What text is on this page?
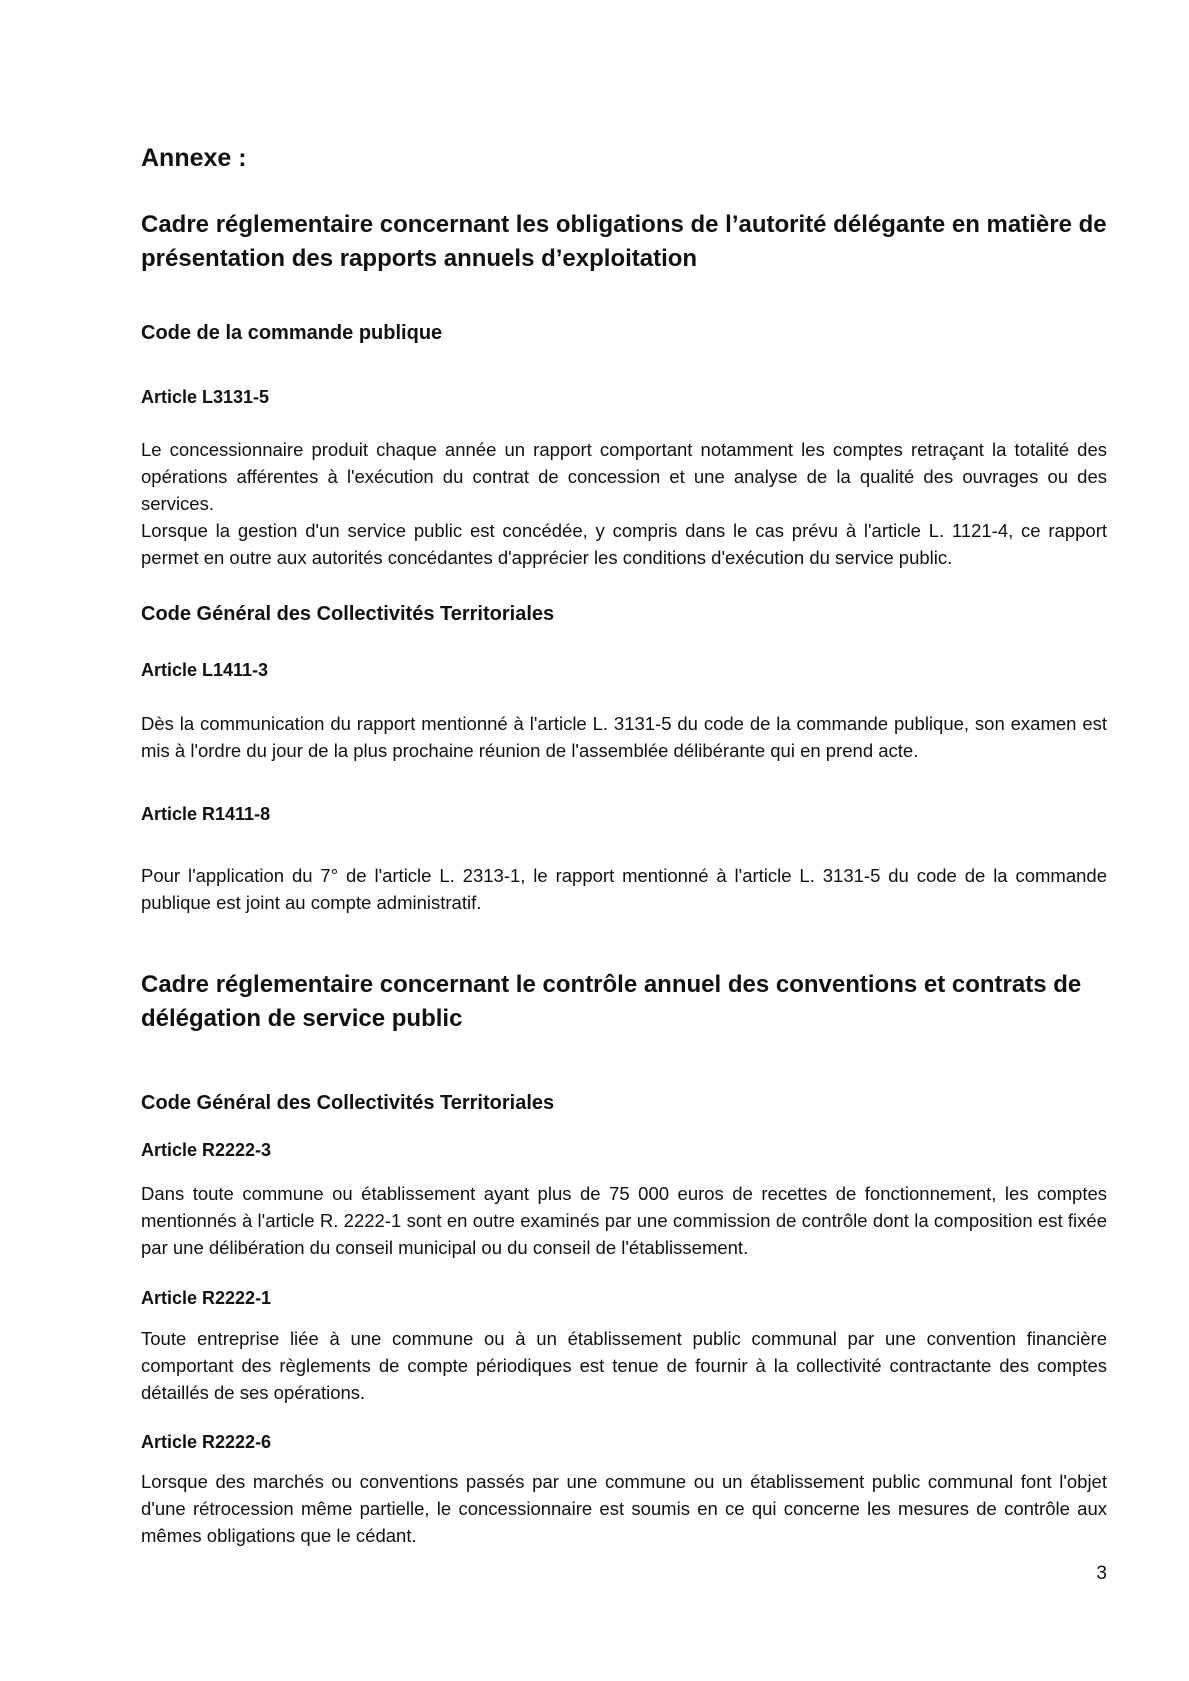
Annexe :
Cadre réglementaire concernant les obligations de l’autorité délégante en matière de présentation des rapports annuels d’exploitation
Code de la commande publique
Article L3131-5

Le concessionnaire produit chaque année un rapport comportant notamment les comptes retraçant la totalité des opérations afférentes à l'exécution du contrat de concession et une analyse de la qualité des ouvrages ou des services.

Lorsque la gestion d'un service public est concédée, y compris dans le cas prévu à l'article L. 1121-4, ce rapport permet en outre aux autorités concédantes d'apprécier les conditions d'exécution du service public.

Code Général des Collectivités Territoriales
Article L1411-3

Dès la communication du rapport mentionné à l'article L. 3131-5 du code de la commande publique, son examen est mis à l'ordre du jour de la plus prochaine réunion de l'assemblée délibérante qui en prend acte.

Article R1411-8

Pour l'application du 7° de l'article L. 2313-1, le rapport mentionné à l'article L. 3131-5 du code de la commande publique est joint au compte administratif.

Cadre réglementaire concernant le contrôle annuel des conventions et contrats de délégation de service public
Code Général des Collectivités Territoriales
Article R2222-3

Dans toute commune ou établissement ayant plus de 75 000 euros de recettes de fonctionnement, les comptes mentionnés à l'article R. 2222-1 sont en outre examinés par une commission de contrôle dont la composition est fixée par une délibération du conseil municipal ou du conseil de l'établissement.

Article R2222-1

Toute entreprise liée à une commune ou à un établissement public communal par une convention financière comportant des règlements de compte périodiques est tenue de fournir à la collectivité contractante des comptes détaillés de ses opérations.

Article R2222-6

Lorsque des marchés ou conventions passés par une commune ou un établissement public communal font l'objet d'une rétrocession même partielle, le concessionnaire est soumis en ce qui concerne les mesures de contrôle aux mêmes obligations que le cédant.

3
